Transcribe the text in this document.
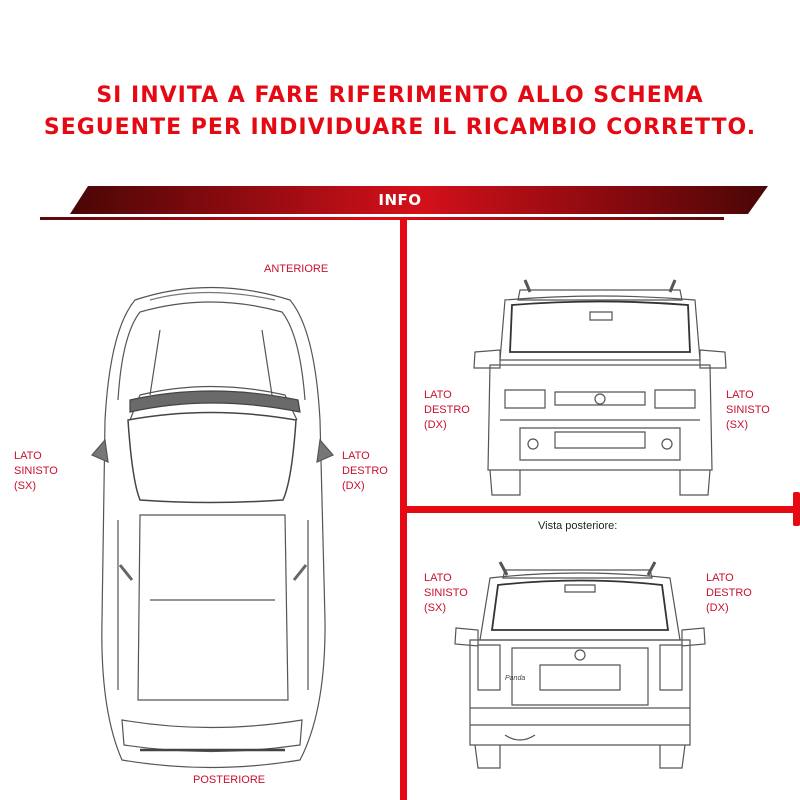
SI INVITA A FARE RIFERIMENTO ALLO SCHEMA
SEGUENTE PER INDIVIDUARE IL RICAMBIO CORRETTO.
Panda
INFO
ANTERIORE
POSTERIORE
LATO
SINISTO
(SX)
LATO
DESTRO
(DX)
LATO
DESTRO
(DX)
LATO
SINISTO
(SX)
Vista posteriore:
LATO
SINISTO
(SX)
LATO
DESTRO
(DX)
